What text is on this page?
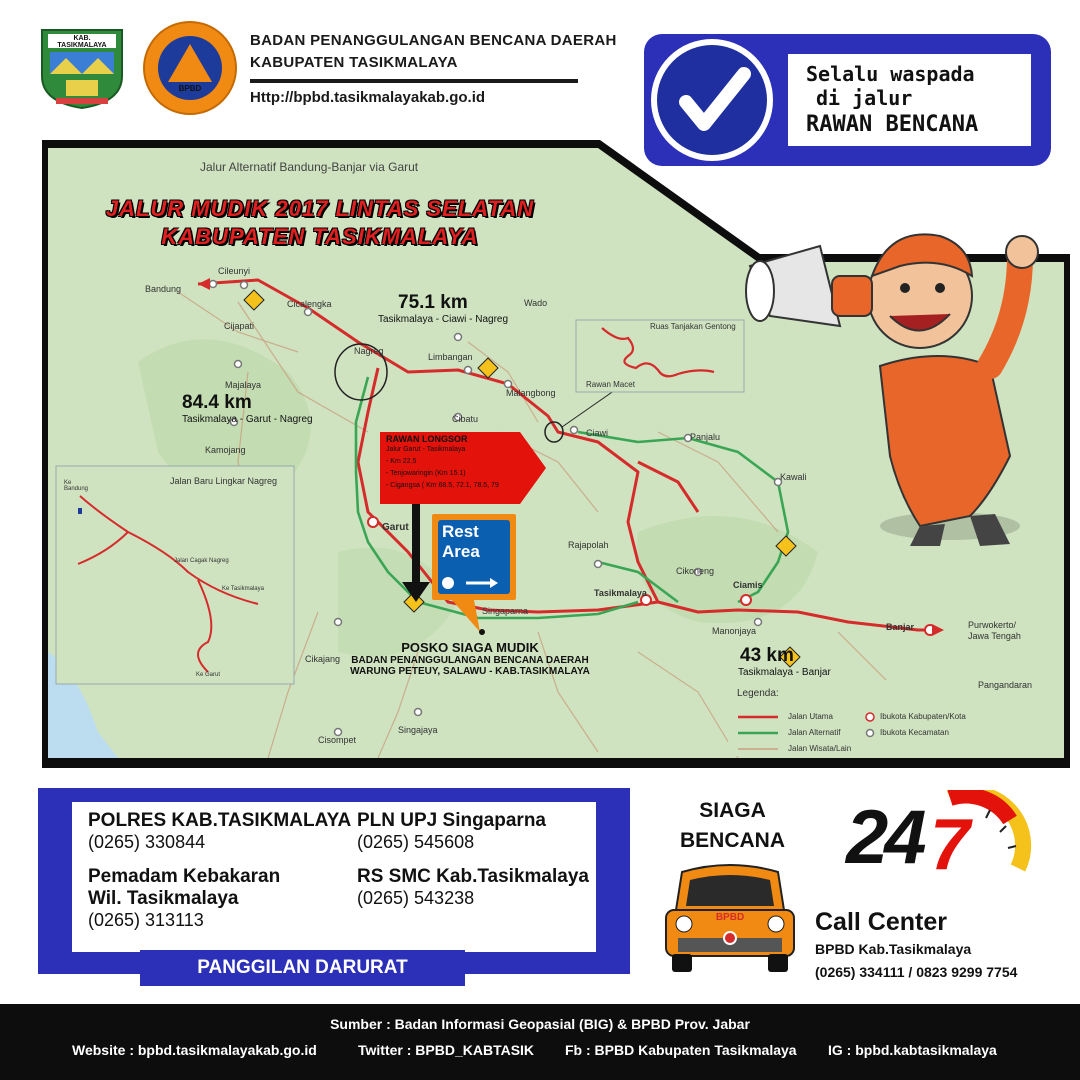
KAB. TASIKMALAYA
BPBD
BADAN PENANGGULANGAN BENCANA DAERAH
KABUPATEN TASIKMALAYA
Http://bpbd.tasikmalayakab.go.id
Selalu waspada
di jalur
RAWAN BENCANA
Jalur Alternatif Bandung-Banjar via Garut
JALUR MUDIK 2017 LINTAS SELATAN
KABUPATEN TASIKMALAYA
Bandung
Cileunyi
Cicalengka
Cijapati
Nagreg
Limbangan
Wado
Malangbong
Majalaya
Kamojang
Cibatu
Ciawi	Panjalu
Kawali
Garut
Rajapolah
Cikoneng
Ciamis
Tasikmalaya
Singaparna
Manonjaya	Banjar	Purwokerto/
Jawa Tengah
Pangandaran
Cikajang
Singajaya
Cisompet
75.1 km
Tasikmalaya - Ciawi - Nagreg
84.4 km
Tasikmalaya - Garut - Nagreg
43 km
Tasikmalaya - Banjar
Ruas Tanjakan Gentong
Rawan Macet
Jalan Baru Lingkar Nagreg
Ke Bandung
Jalan Cagak Nagreg
Ke Tasikmalaya
Ke Garut
RAWAN LONGSOR
Jalur Garut - Tasikmalaya
- Km 22.5
- Tenjowaringin (Km 15.1)
- Cigangsa ( Km 68.5, 72.1, 78.5, 79
Rest
Area
POSKO SIAGA MUDIK
BADAN PENANGGULANGAN BENCANA DAERAH
WARUNG PETEUY, SALAWU - KAB.TASIKMALAYA
Legenda:
Jalan Utama
Jalan Alternatif
Jalan Wisata/Lain
Ibukota Kabupaten/Kota
Ibukota Kecamatan
POLRES KAB.TASIKMALAYA
(0265) 330844
PLN UPJ Singaparna
(0265) 545608
Pemadam Kebakaran
Wil. Tasikmalaya
(0265) 313113
RS SMC Kab.Tasikmalaya
(0265) 543238
PANGGILAN DARURAT
SIAGA
BENCANA
BPBD
24 7
Call Center
BPBD Kab.Tasikmalaya
(0265) 334111 / 0823 9299 7754
Sumber : Badan Informasi Geopasial (BIG) & BPBD Prov. Jabar
Website : bpbd.tasikmalayakab.go.id	Twitter : BPBD_KABTASIK Fb : BPBD Kabupaten Tasikmalaya IG : bpbd.kabtasikmalaya
